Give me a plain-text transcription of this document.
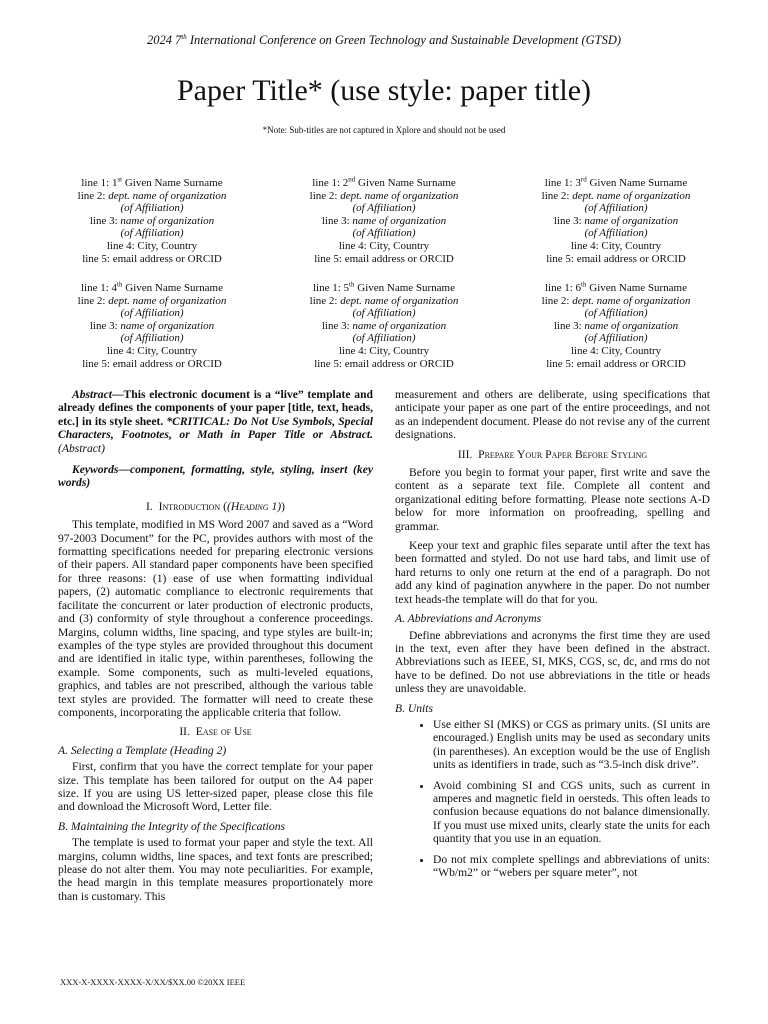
2024 7th International Conference on Green Technology and Sustainable Development (GTSD)
Paper Title* (use style: paper title)
*Note: Sub-titles are not captured in Xplore and should not be used
line 1: 1st Given Name Surname
line 2: dept. name of organization
(of Affiliation)
line 3: name of organization
(of Affiliation)
line 4: City, Country
line 5: email address or ORCID
line 1: 2nd Given Name Surname
line 2: dept. name of organization
(of Affiliation)
line 3: name of organization
(of Affiliation)
line 4: City, Country
line 5: email address or ORCID
line 1: 3rd Given Name Surname
line 2: dept. name of organization
(of Affiliation)
line 3: name of organization
(of Affiliation)
line 4: City, Country
line 5: email address or ORCID
line 1: 4th Given Name Surname
line 2: dept. name of organization
(of Affiliation)
line 3: name of organization
(of Affiliation)
line 4: City, Country
line 5: email address or ORCID
line 1: 5th Given Name Surname
line 2: dept. name of organization
(of Affiliation)
line 3: name of organization
(of Affiliation)
line 4: City, Country
line 5: email address or ORCID
line 1: 6th Given Name Surname
line 2: dept. name of organization
(of Affiliation)
line 3: name of organization
(of Affiliation)
line 4: City, Country
line 5: email address or ORCID

Abstract—This electronic document is a “live” template and already defines the components of your paper [title, text, heads, etc.] in its style sheet. *CRITICAL: Do Not Use Symbols, Special Characters, Footnotes, or Math in Paper Title or Abstract. (Abstract)

Keywords—component, formatting, style, styling, insert (key words)

I. Introduction ((Heading 1))

This template, modified in MS Word 2007 and saved as a “Word 97-2003 Document” for the PC, provides authors with most of the formatting specifications needed for preparing electronic versions of their papers. All standard paper components have been specified for three reasons: (1) ease of use when formatting individual papers, (2) automatic compliance to electronic requirements that facilitate the concurrent or later production of electronic products, and (3) conformity of style throughout a conference proceedings. Margins, column widths, line spacing, and type styles are built-in; examples of the type styles are provided throughout this document and are identified in italic type, within parentheses, following the example. Some components, such as multi-leveled equations, graphics, and tables are not prescribed, although the various table text styles are provided. The formatter will need to create these components, incorporating the applicable criteria that follow.

II. Ease of Use
A. Selecting a Template (Heading 2)

First, confirm that you have the correct template for your paper size. This template has been tailored for output on the A4 paper size. If you are using US letter-sized paper, please close this file and download the Microsoft Word, Letter file.

B. Maintaining the Integrity of the Specifications

The template is used to format your paper and style the text. All margins, column widths, line spaces, and text fonts are prescribed; please do not alter them. You may note peculiarities. For example, the head margin in this template measures proportionately more than is customary. This

measurement and others are deliberate, using specifications that anticipate your paper as one part of the entire proceedings, and not as an independent document. Please do not revise any of the current designations.

III. Prepare Your Paper Before Styling

Before you begin to format your paper, first write and save the content as a separate text file. Complete all content and organizational editing before formatting. Please note sections A-D below for more information on proofreading, spelling and grammar.

Keep your text and graphic files separate until after the text has been formatted and styled. Do not use hard tabs, and limit use of hard returns to only one return at the end of a paragraph. Do not add any kind of pagination anywhere in the paper. Do not number text heads-the template will do that for you.

A. Abbreviations and Acronyms

Define abbreviations and acronyms the first time they are used in the text, even after they have been defined in the abstract. Abbreviations such as IEEE, SI, MKS, CGS, sc, dc, and rms do not have to be defined. Do not use abbreviations in the title or heads unless they are unavoidable.

B. Units
• Use either SI (MKS) or CGS as primary units. (SI units are encouraged.) English units may be used as secondary units (in parentheses). An exception would be the use of English units as identifiers in trade, such as “3.5-inch disk drive”.
• Avoid combining SI and CGS units, such as current in amperes and magnetic field in oersteds. This often leads to confusion because equations do not balance dimensionally. If you must use mixed units, clearly state the units for each quantity that you use in an equation.
• Do not mix complete spellings and abbreviations of units: “Wb/m2” or “webers per square meter”, not
XXX-X-XXXX-XXXX-X/XX/$XX.00 ©20XX IEEE
